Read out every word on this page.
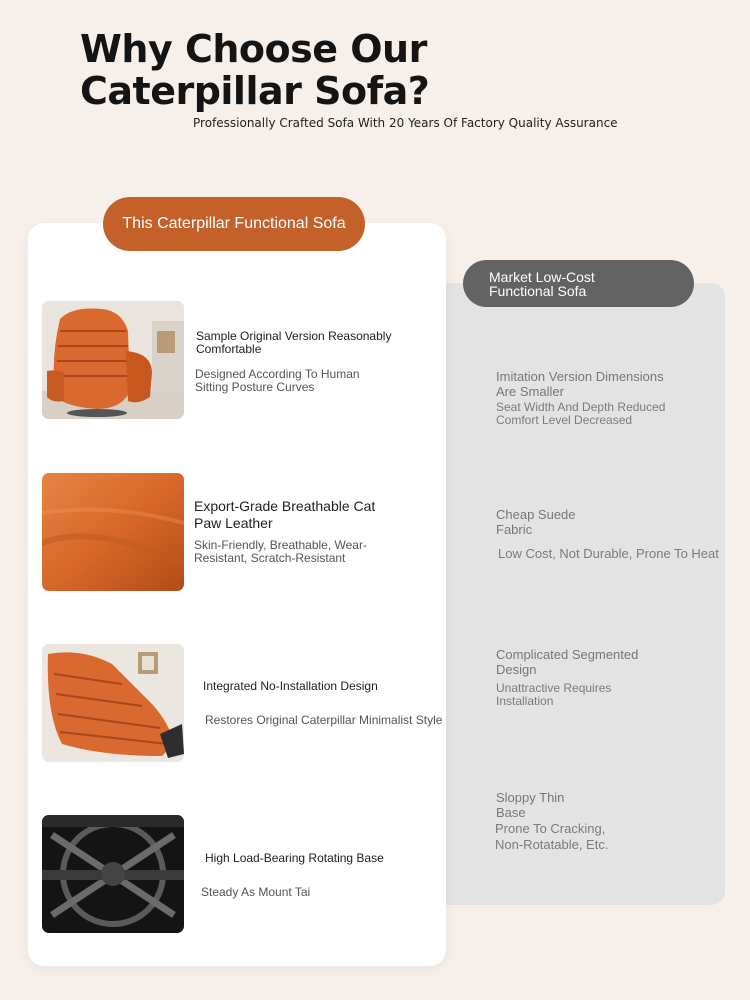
Why Choose Our Caterpillar Sofa?
Professionally Crafted Sofa With 20 Years Of Factory Quality Assurance
Market Low-Cost Functional Sofa
This Caterpillar Functional Sofa
Sample Original Version Reasonably Comfortable
Designed According To Human Sitting Posture Curves
Export-Grade Breathable Cat Paw Leather
Skin-Friendly, Breathable, Wear-Resistant, Scratch-Resistant
Integrated No-Installation Design
Restores Original Caterpillar Minimalist Style
High Load-Bearing Rotating Base
Steady As Mount Tai
Imitation Version Dimensions Are Smaller
Seat Width And Depth Reduced Comfort Level Decreased
Cheap Suede Fabric
Low Cost, Not Durable, Prone To Heat
Complicated Segmented Design
Unattractive Requires Installation
Sloppy Thin Base
Prone To Cracking, Non-Rotatable, Etc.
